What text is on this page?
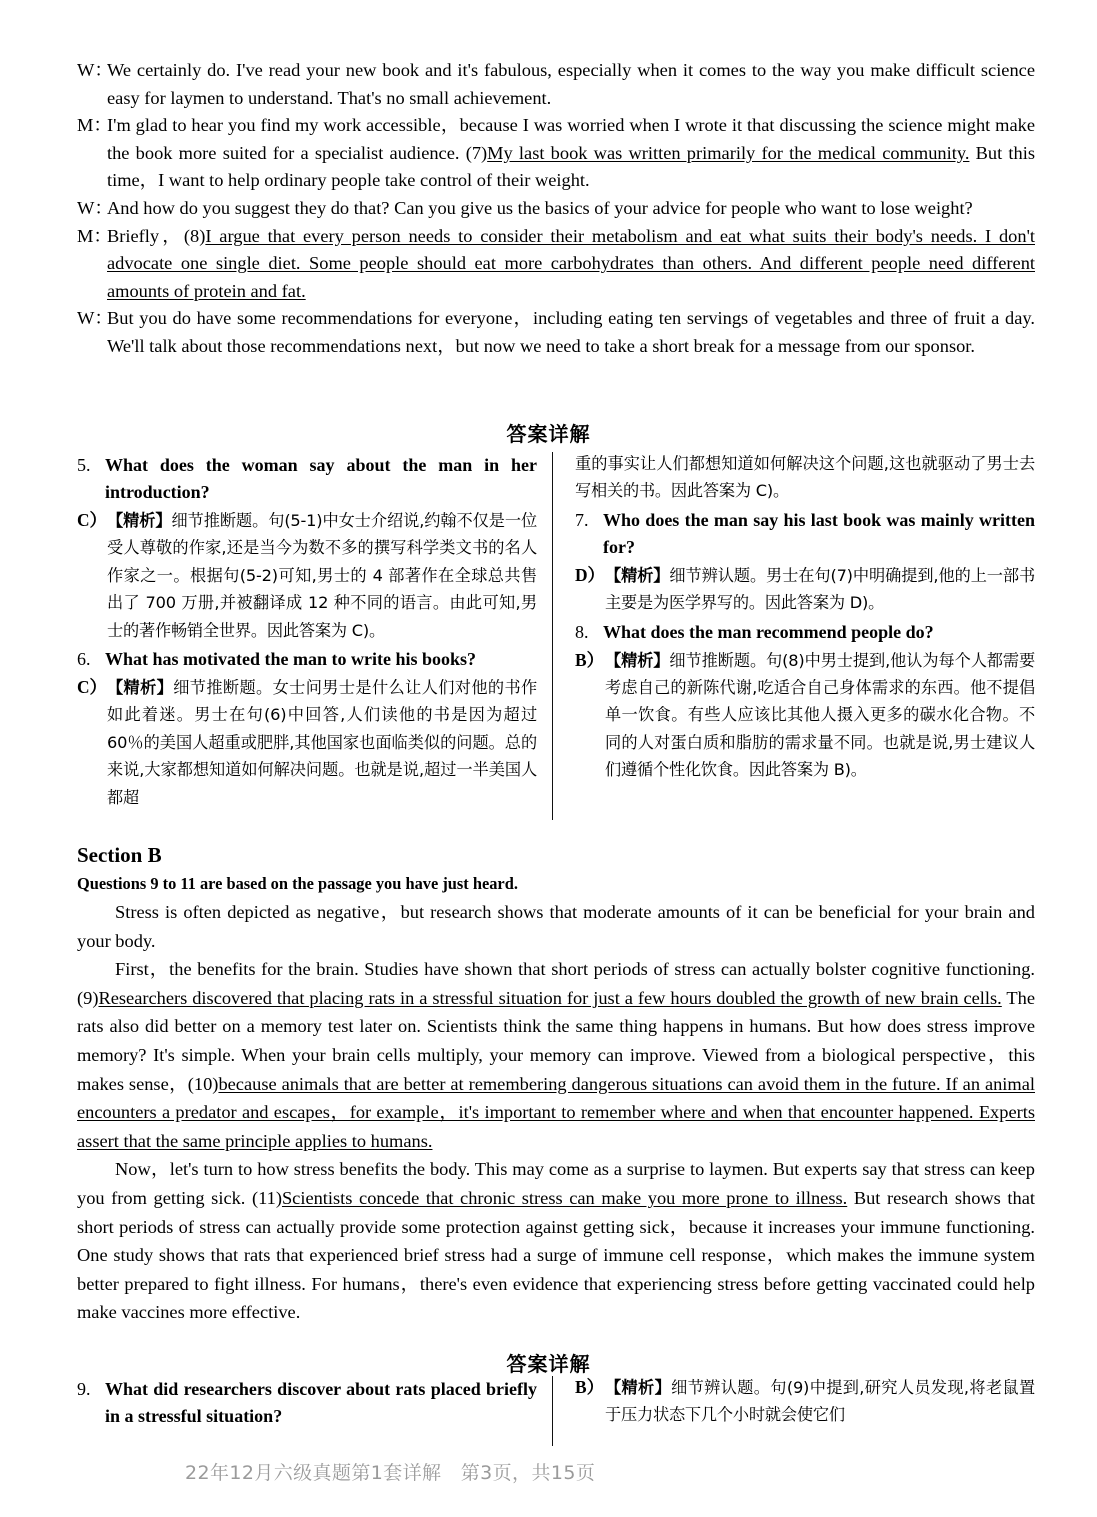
W：
We certainly do. I've read your new book and it's fabulous, especially when it comes to the way you make difficult science easy for laymen to understand. That's no small achievement.
M：
I'm glad to hear you find my work accessible，because I was worried when I wrote it that discussing the science might make the book more suited for a specialist audience. (7)My last book was written primarily for the medical community. But this time，I want to help ordinary people take control of their weight.
W：
And how do you suggest they do that? Can you give us the basics of your advice for people who want to lose weight?
M：
Briefly，(8)I argue that every person needs to consider their metabolism and eat what suits their body's needs. I don't advocate one single diet. Some people should eat more carbohydrates than others. And different people need different amounts of protein and fat.
W：
But you do have some recommendations for everyone，including eating ten servings of vegetables and three of fruit a day. We'll talk about those recommendations next，but now we need to take a short break for a message from our sponsor.
答案详解
5. What does the woman say about the man in her introduction?
C） 【精析】细节推断题。句(5-1)中女士介绍说,约翰不仅是一位受人尊敬的作家,还是当今为数不多的撰写科学类文书的名人作家之一。根据句(5-2)可知,男士的 4 部著作在全球总共售出了 700 万册,并被翻译成 12 种不同的语言。由此可知,男士的著作畅销全世界。因此答案为 C)。
6. What has motivated the man to write his books?
C） 【精析】细节推断题。女士问男士是什么让人们对他的书作如此着迷。男士在句(6)中回答,人们读他的书是因为超过 60％的美国人超重或肥胖,其他国家也面临类似的问题。总的来说,大家都想知道如何解决问题。也就是说,超过一半美国人都超
重的事实让人们都想知道如何解决这个问题,这也就驱动了男士去写相关的书。因此答案为 C)。
7. Who does the man say his last book was mainly written for?
D） 【精析】细节辨认题。男士在句(7)中明确提到,他的上一部书主要是为医学界写的。因此答案为 D)。
8. What does the man recommend people do?
B） 【精析】细节推断题。句(8)中男士提到,他认为每个人都需要考虑自己的新陈代谢,吃适合自己身体需求的东西。他不提倡单一饮食。有些人应该比其他人摄入更多的碳水化合物。不同的人对蛋白质和脂肪的需求量不同。也就是说,男士建议人们遵循个性化饮食。因此答案为 B)。
Section B
Questions 9 to 11 are based on the passage you have just heard.

Stress is often depicted as negative，but research shows that moderate amounts of it can be beneficial for your brain and your body.

First，the benefits for the brain. Studies have shown that short periods of stress can actually bolster cognitive functioning. (9)Researchers discovered that placing rats in a stressful situation for just a few hours doubled the growth of new brain cells. The rats also did better on a memory test later on. Scientists think the same thing happens in humans. But how does stress improve memory? It's simple. When your brain cells multiply, your memory can improve. Viewed from a biological perspective，this makes sense，(10)because animals that are better at remembering dangerous situations can avoid them in the future. If an animal encounters a predator and escapes，for example，it's important to remember where and when that encounter happened. Experts assert that the same principle applies to humans.

Now，let's turn to how stress benefits the body. This may come as a surprise to laymen. But experts say that stress can keep you from getting sick. (11)Scientists concede that chronic stress can make you more prone to illness. But research shows that short periods of stress can actually provide some protection against getting sick，because it increases your immune functioning. One study shows that rats that experienced brief stress had a surge of immune cell response，which makes the immune system better prepared to fight illness. For humans，there's even evidence that experiencing stress before getting vaccinated could help make vaccines more effective.

答案详解
9. What did researchers discover about rats placed briefly in a stressful situation?
B） 【精析】细节辨认题。句(9)中提到,研究人员发现,将老鼠置于压力状态下几个小时就会使它们
22年12月六级真题第1套详解   第3页，共15页
